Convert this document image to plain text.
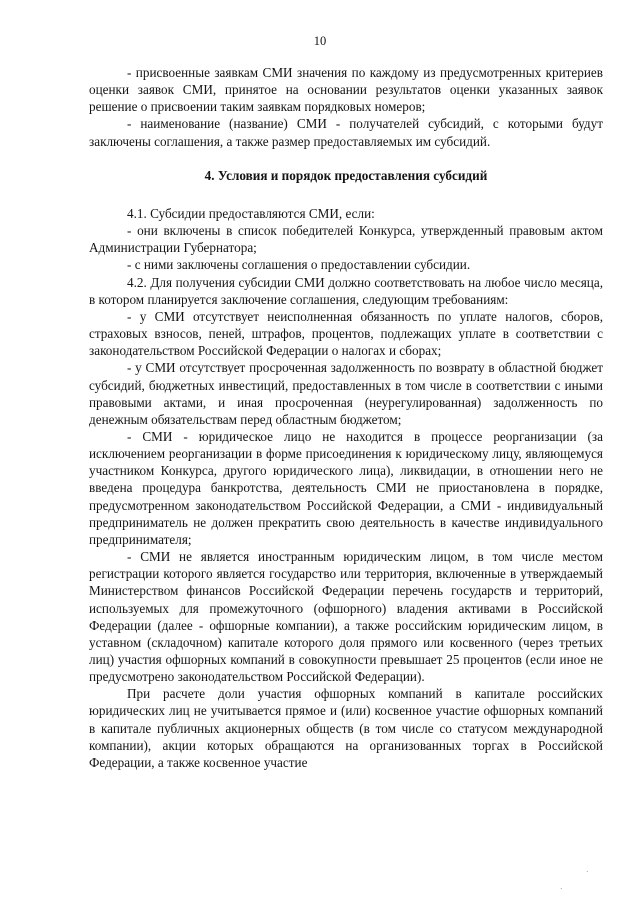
10

- присвоенные заявкам СМИ значения по каждому из предусмотренных критериев оценки заявок СМИ, принятое на основании результатов оценки указанных заявок решение о присвоении таким заявкам порядковых номеров;

- наименование (название) СМИ - получателей субсидий, с которыми будут заключены соглашения, а также размер предоставляемых им субсидий.

4. Условия и порядок предоставления субсидий

4.1. Субсидии предоставляются СМИ, если:

- они включены в список победителей Конкурса, утвержденный правовым актом Администрации Губернатора;

- с ними заключены соглашения о предоставлении субсидии.

4.2. Для получения субсидии СМИ должно соответствовать на любое число месяца, в котором планируется заключение соглашения, следующим требованиям:

- у СМИ отсутствует неисполненная обязанность по уплате налогов, сборов, страховых взносов, пеней, штрафов, процентов, подлежащих уплате в соответствии с законодательством Российской Федерации о налогах и сборах;

- у СМИ отсутствует просроченная задолженность по возврату в областной бюджет субсидий, бюджетных инвестиций, предоставленных в том числе в соответствии с иными правовыми актами, и иная просроченная (неурегулированная) задолженность по денежным обязательствам перед областным бюджетом;

- СМИ - юридическое лицо не находится в процессе реорганизации (за исключением реорганизации в форме присоединения к юридическому лицу, являющемуся участником Конкурса, другого юридического лица), ликвидации, в отношении него не введена процедура банкротства, деятельность СМИ не приостановлена в порядке, предусмотренном законодательством Российской Федерации, а СМИ - индивидуальный предприниматель не должен прекратить свою деятельность в качестве индивидуального предпринимателя;

- СМИ не является иностранным юридическим лицом, в том числе местом регистрации которого является государство или территория, включенные в утверждаемый Министерством финансов Российской Федерации перечень государств и территорий, используемых для промежуточного (офшорного) владения активами в Российской Федерации (далее - офшорные компании), а также российским юридическим лицом, в уставном (складочном) капитале которого доля прямого или косвенного (через третьих лиц) участия офшорных компаний в совокупности превышает 25 процентов (если иное не предусмотрено законодательством Российской Федерации).

При расчете доли участия офшорных компаний в капитале российских юридических лиц не учитывается прямое и (или) косвенное участие офшорных компаний в капитале публичных акционерных обществ (в том числе со статусом международной компании), акции которых обращаются на организованных торгах в Российской Федерации, а также косвенное участие

.
.
